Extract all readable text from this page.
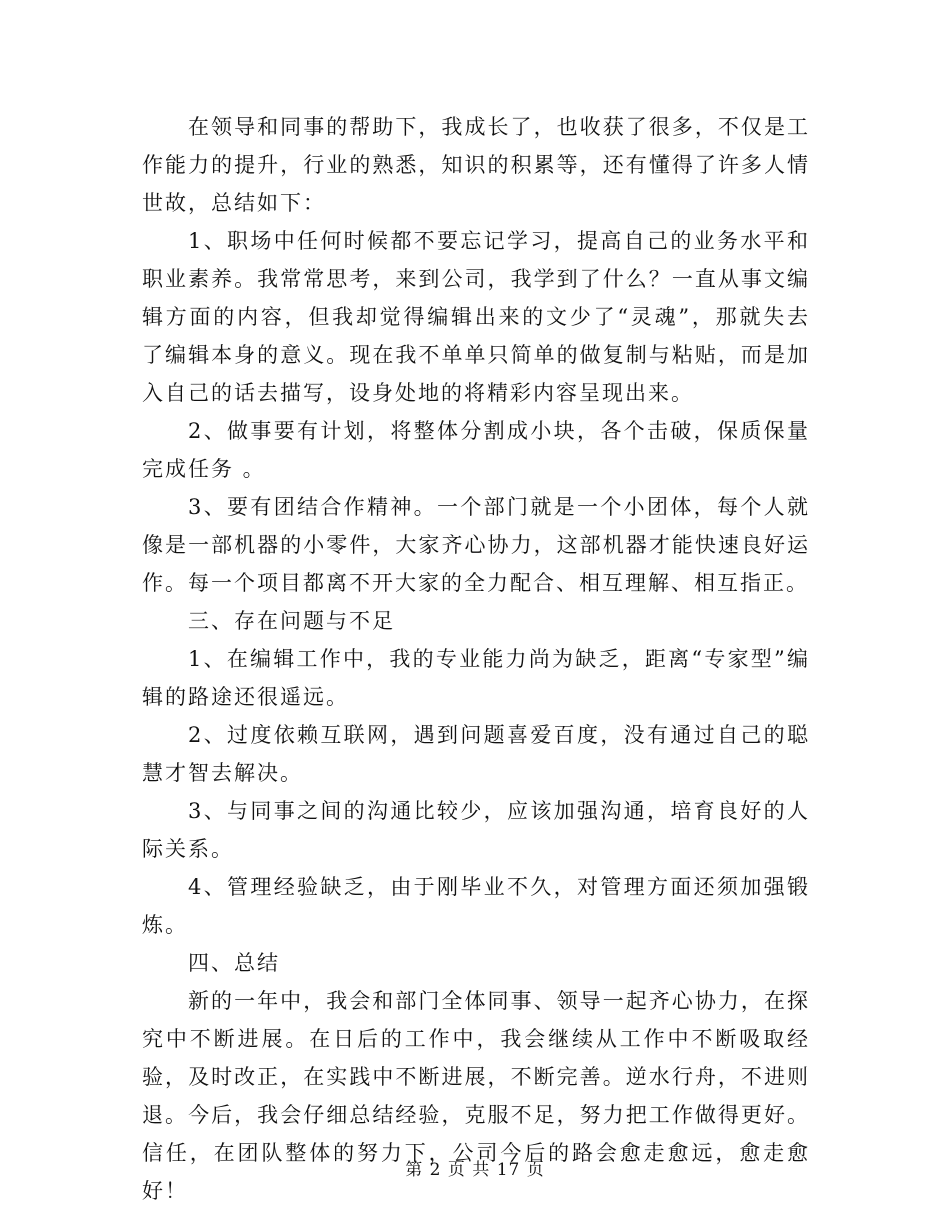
在领导和同事的帮助下，我成长了，也收获了很多，不仅是工作能力的提升，行业的熟悉，知识的积累等，还有懂得了许多人情世故，总结如下：

1、职场中任何时候都不要忘记学习，提高自己的业务水平和职业素养。我常常思考，来到公司，我学到了什么？一直从事文编辑方面的内容，但我却觉得编辑出来的文少了“灵魂”，那就失去了编辑本身的意义。现在我不单单只简单的做复制与粘贴，而是加入自己的话去描写，设身处地的将精彩内容呈现出来。

2、做事要有计划，将整体分割成小块，各个击破，保质保量完成任务 。

3、要有团结合作精神。一个部门就是一个小团体，每个人就像是一部机器的小零件，大家齐心协力，这部机器才能快速良好运作。每一个项目都离不开大家的全力配合、相互理解、相互指正。

三、存在问题与不足

1、在编辑工作中，我的专业能力尚为缺乏，距离“专家型”编辑的路途还很遥远。

2、过度依赖互联网，遇到问题喜爱百度，没有通过自己的聪慧才智去解决。

3、与同事之间的沟通比较少，应该加强沟通，培育良好的人际关系。

4、管理经验缺乏，由于刚毕业不久，对管理方面还须加强锻炼。

四、总结

新的一年中，我会和部门全体同事、领导一起齐心协力，在探究中不断进展。在日后的工作中，我会继续从工作中不断吸取经验，及时改正，在实践中不断进展，不断完善。逆水行舟，不进则退。今后，我会仔细总结经验，克服不足，努力把工作做得更好。信任，在团队整体的努力下，公司今后的路会愈走愈远，愈走愈好！

第 2 页 共 17 页
